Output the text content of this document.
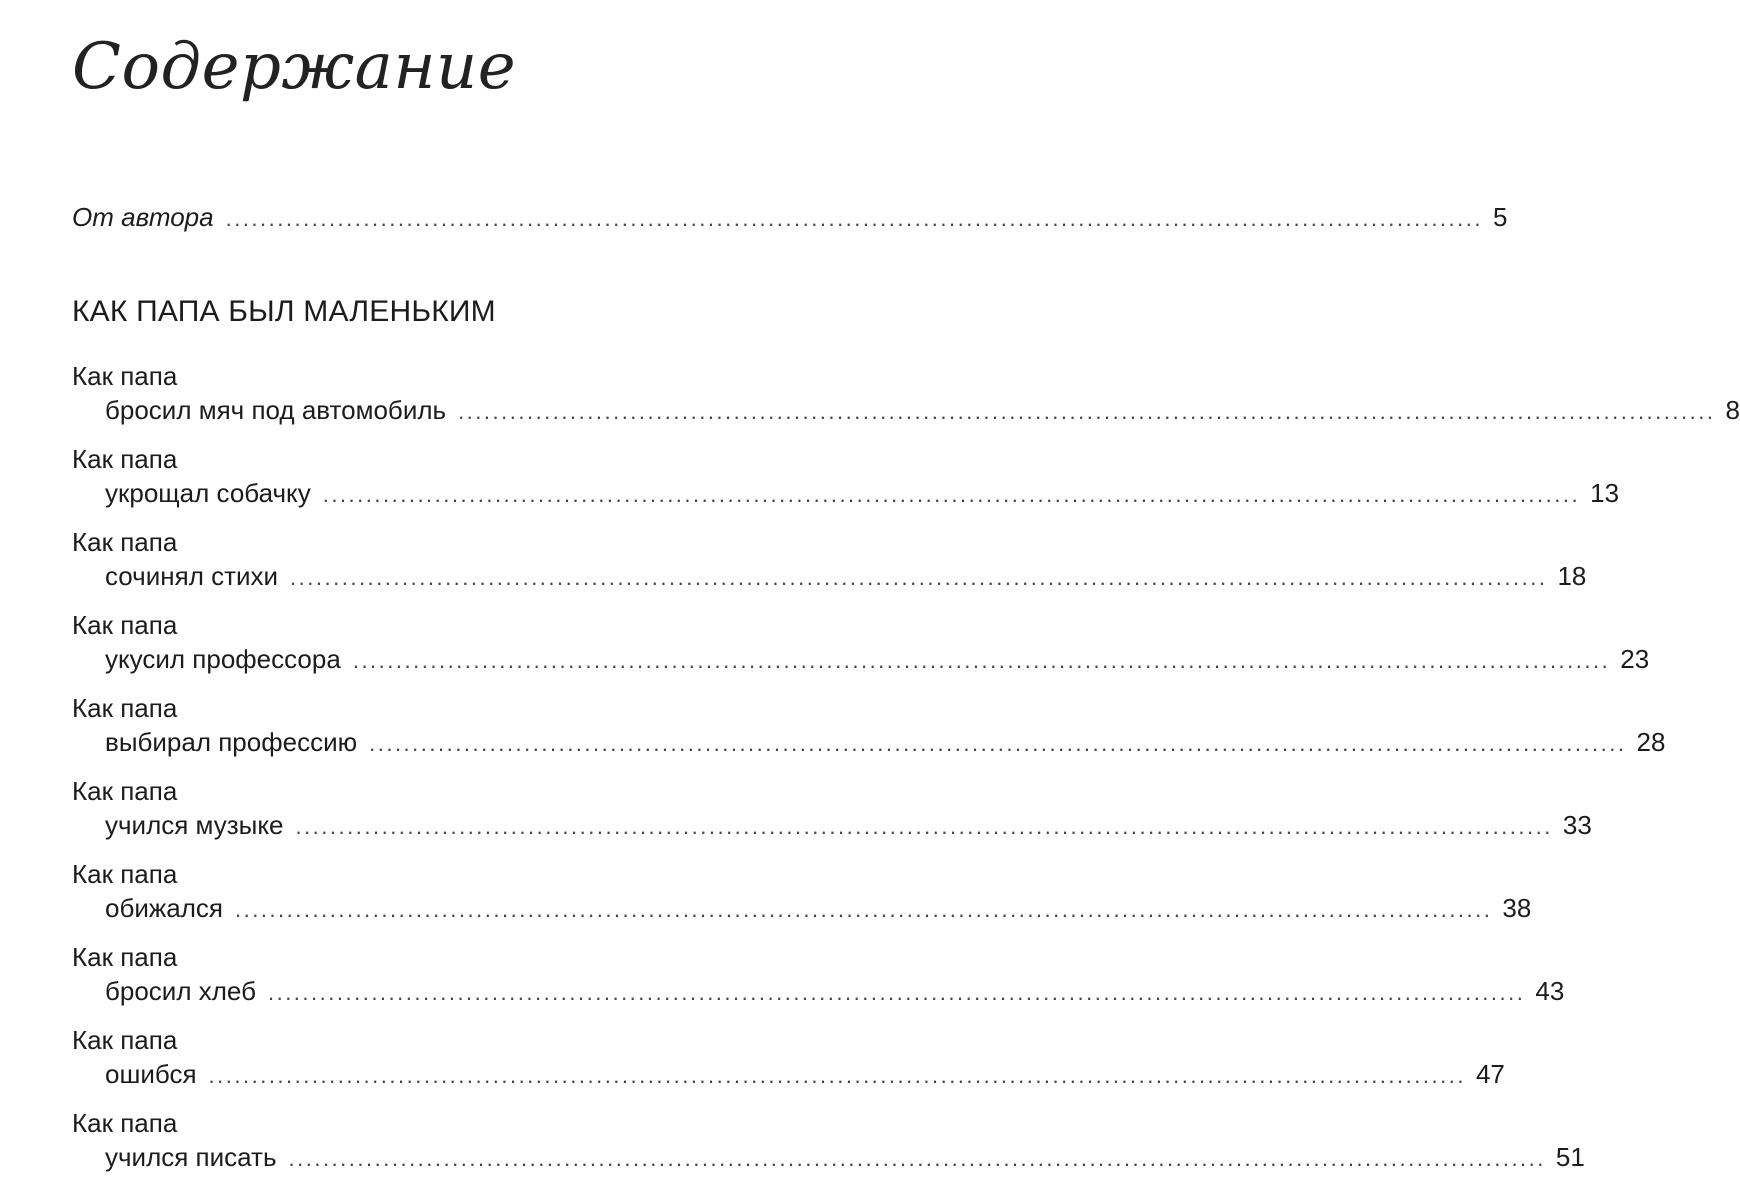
Содержание
От автора .................................................................................................................................................. 5
КАК ПАПА БЫЛ МАЛЕНЬКИМ
Как папа
бросил мяч под автомобиль .................................................................................................................................................. 8
Как папа
укрощал собачку .................................................................................................................................................. 13
Как папа
сочинял стихи .................................................................................................................................................. 18
Как папа
укусил профессора .................................................................................................................................................. 23
Как папа
выбирал профессию .................................................................................................................................................. 28
Как папа
учился музыке .................................................................................................................................................. 33
Как папа
обижался .................................................................................................................................................. 38
Как папа
бросил хлеб .................................................................................................................................................. 43
Как папа
ошибся .................................................................................................................................................. 47
Как папа
учился писать .................................................................................................................................................. 51
